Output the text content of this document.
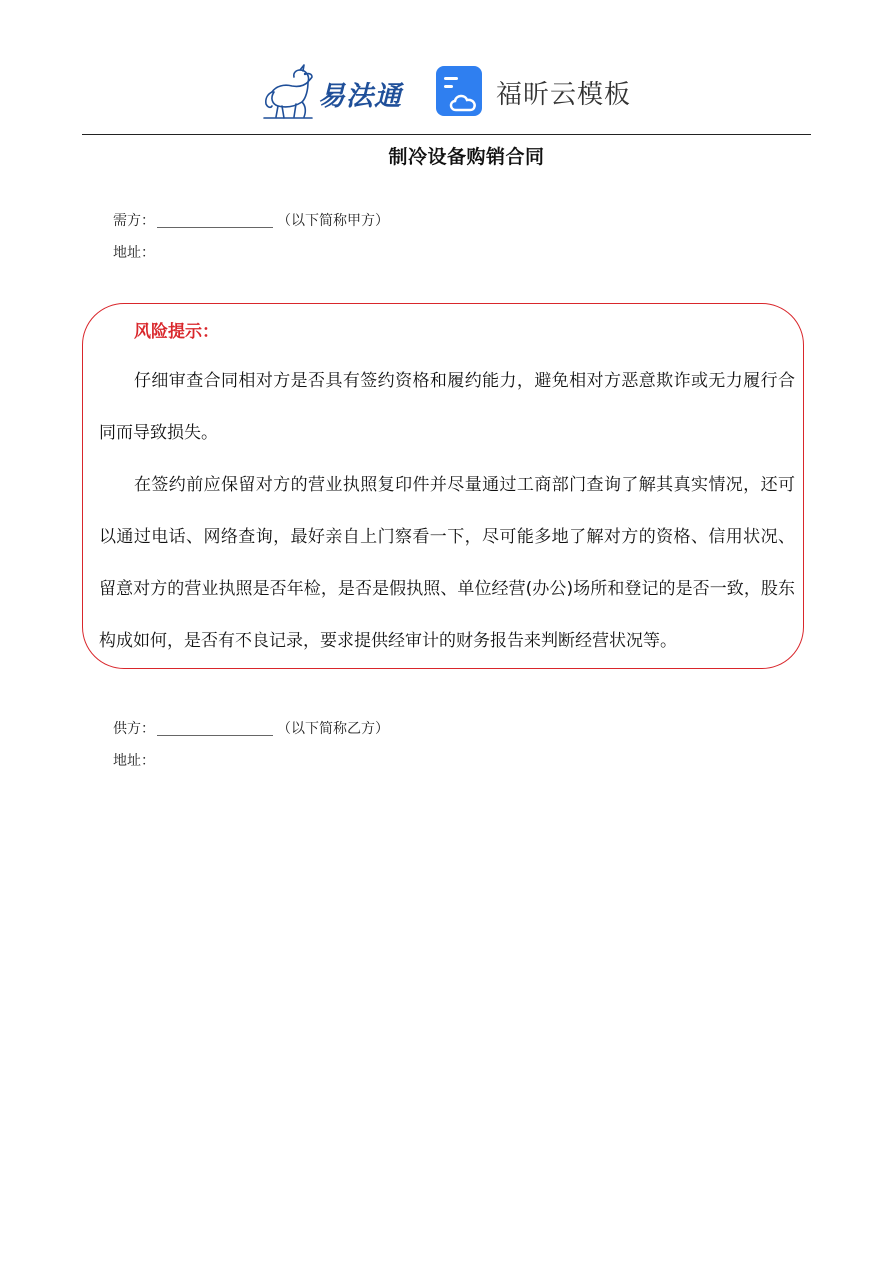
易法通	福昕云模板
制冷设备购销合同
需方：	（以下简称甲方）
地址：
风险提示：

仔细审查合同相对方是否具有签约资格和履约能力，避免相对方恶意欺诈或无力履行合同而导致损失。

在签约前应保留对方的营业执照复印件并尽量通过工商部门查询了解其真实情况，还可以通过电话、网络查询，最好亲自上门察看一下，尽可能多地了解对方的资格、信用状况、留意对方的营业执照是否年检，是否是假执照、单位经营(办公)场所和登记的是否一致，股东构成如何，是否有不良记录，要求提供经审计的财务报告来判断经营状况等。

供方：	（以下简称乙方）
地址：
